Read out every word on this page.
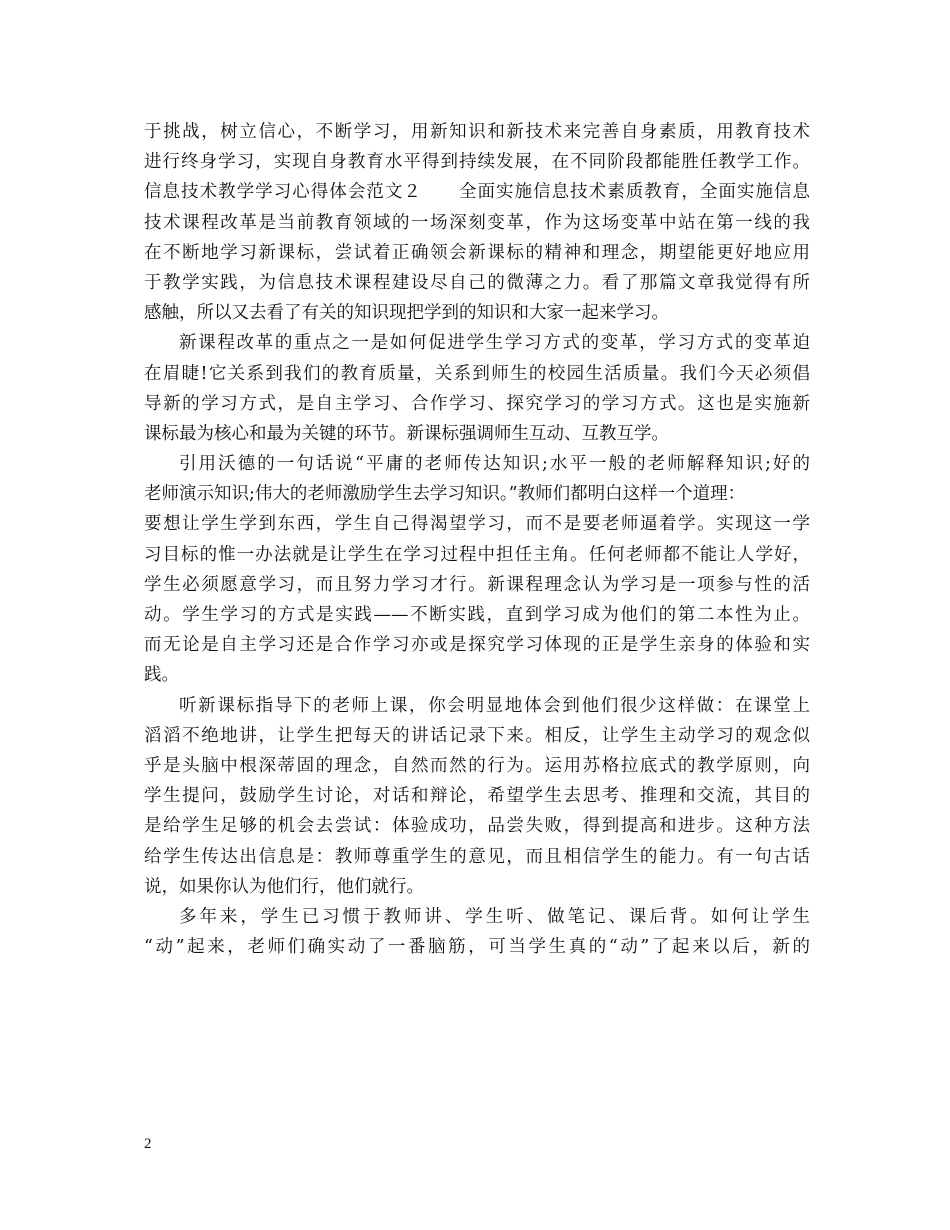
于挑战，树立信心，不断学习，用新知识和新技术来完善自身素质，用教育技术
进行终身学习，实现自身教育水平得到持续发展，在不同阶段都能胜任教学工作。
信息技术教学学习心得体会范文２　　全面实施信息技术素质教育，全面实施信息
技术课程改革是当前教育领域的一场深刻变革，作为这场变革中站在第一线的我
在不断地学习新课标，尝试着正确领会新课标的精神和理念，期望能更好地应用
于教学实践，为信息技术课程建设尽自己的微薄之力。看了那篇文章我觉得有所
感触，所以又去看了有关的知识现把学到的知识和大家一起来学习。
新课程改革的重点之一是如何促进学生学习方式的变革，学习方式的变革迫
在眉睫!它关系到我们的教育质量，关系到师生的校园生活质量。我们今天必须倡
导新的学习方式，是自主学习、合作学习、探究学习的学习方式。这也是实施新
课标最为核心和最为关键的环节。新课标强调师生互动、互教互学。
引用沃德的一句话说“平庸的老师传达知识;水平一般的老师解释知识;好的
老师演示知识;伟大的老师激励学生去学习知识。”教师们都明白这样一个道理：
要想让学生学到东西，学生自己得渴望学习，而不是要老师逼着学。实现这一学
习目标的惟一办法就是让学生在学习过程中担任主角。任何老师都不能让人学好，
学生必须愿意学习，而且努力学习才行。新课程理念认为学习是一项参与性的活
动。学生学习的方式是实践——不断实践，直到学习成为他们的第二本性为止。
而无论是自主学习还是合作学习亦或是探究学习体现的正是学生亲身的体验和实
践。
听新课标指导下的老师上课，你会明显地体会到他们很少这样做：在课堂上
滔滔不绝地讲，让学生把每天的讲话记录下来。相反，让学生主动学习的观念似
乎是头脑中根深蒂固的理念，自然而然的行为。运用苏格拉底式的教学原则，向
学生提问，鼓励学生讨论，对话和辩论，希望学生去思考、推理和交流，其目的
是给学生足够的机会去尝试：体验成功，品尝失败，得到提高和进步。这种方法
给学生传达出信息是：教师尊重学生的意见，而且相信学生的能力。有一句古话
说，如果你认为他们行，他们就行。
多年来，学生已习惯于教师讲、学生听、做笔记、课后背。如何让学生
“动”起来，老师们确实动了一番脑筋，可当学生真的“动”了起来以后，新的
2
